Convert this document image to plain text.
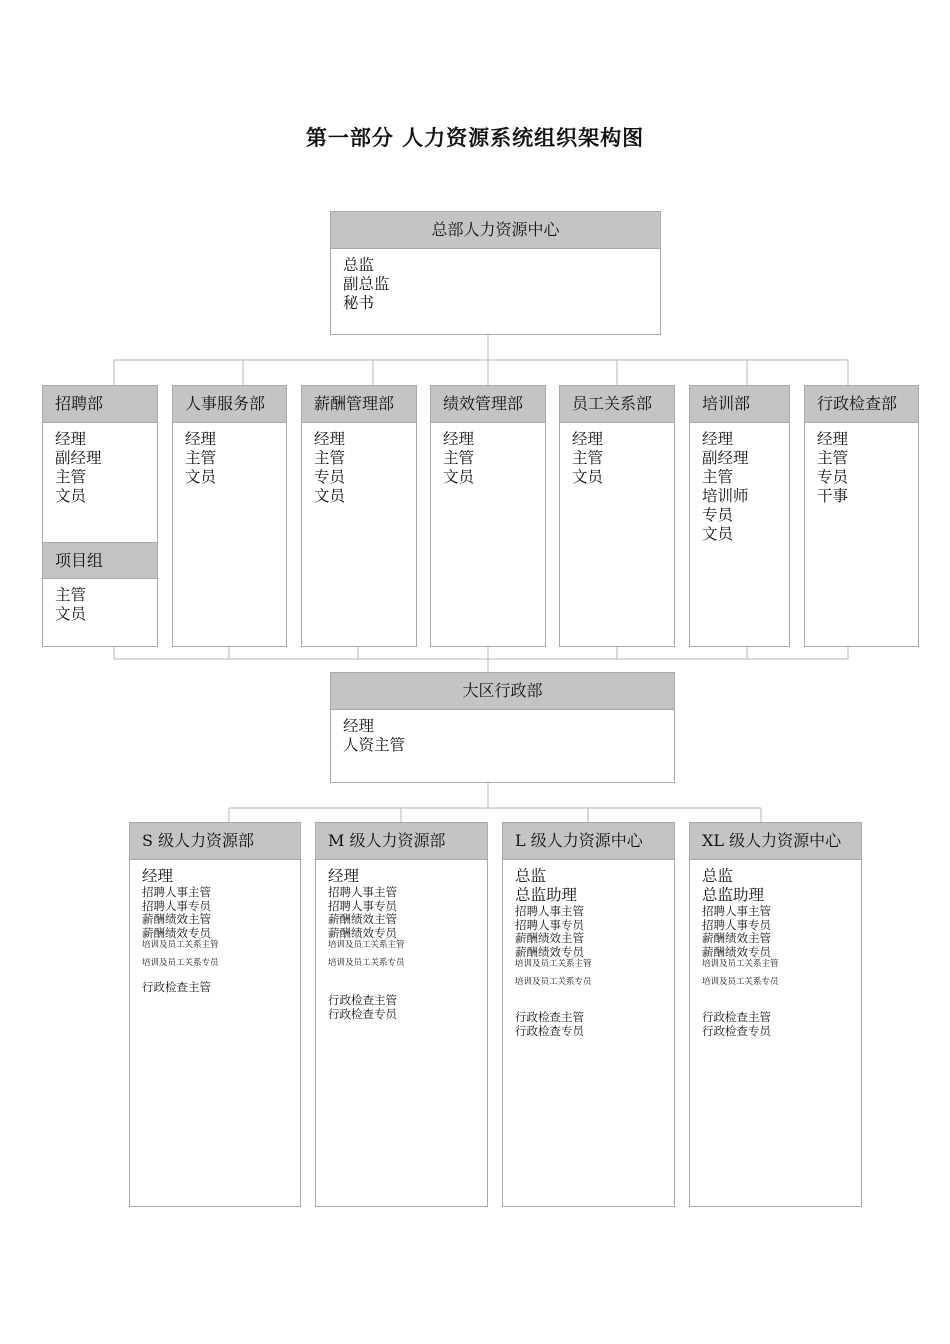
第一部分 人力资源系统组织架构图
总部人力资源中心
总监
副总监
秘书
招聘部
经理
副经理
主管
文员
项目组
主管
文员
人事服务部
经理
主管
文员
薪酬管理部
经理
主管
专员
文员
绩效管理部
经理
主管
文员
员工关系部
经理
主管
文员
培训部
经理
副经理
主管
培训师
专员
文员
行政检查部
经理
主管
专员
干事
大区行政部
经理
人资主管
S 级人力资源部
经理
招聘人事主管
招聘人事专员
薪酬绩效主管
薪酬绩效专员
培训及员工关系主管
培训及员工关系专员
行政检查主管
M 级人力资源部
经理
招聘人事主管
招聘人事专员
薪酬绩效主管
薪酬绩效专员
培训及员工关系主管
培训及员工关系专员
行政检查主管
行政检查专员
L 级人力资源中心
总监
总监助理
招聘人事主管
招聘人事专员
薪酬绩效主管
薪酬绩效专员
培训及员工关系主管
培训及员工关系专员
行政检查主管
行政检查专员
XL 级人力资源中心
总监
总监助理
招聘人事主管
招聘人事专员
薪酬绩效主管
薪酬绩效专员
培训及员工关系主管
培训及员工关系专员
行政检查主管
行政检查专员
